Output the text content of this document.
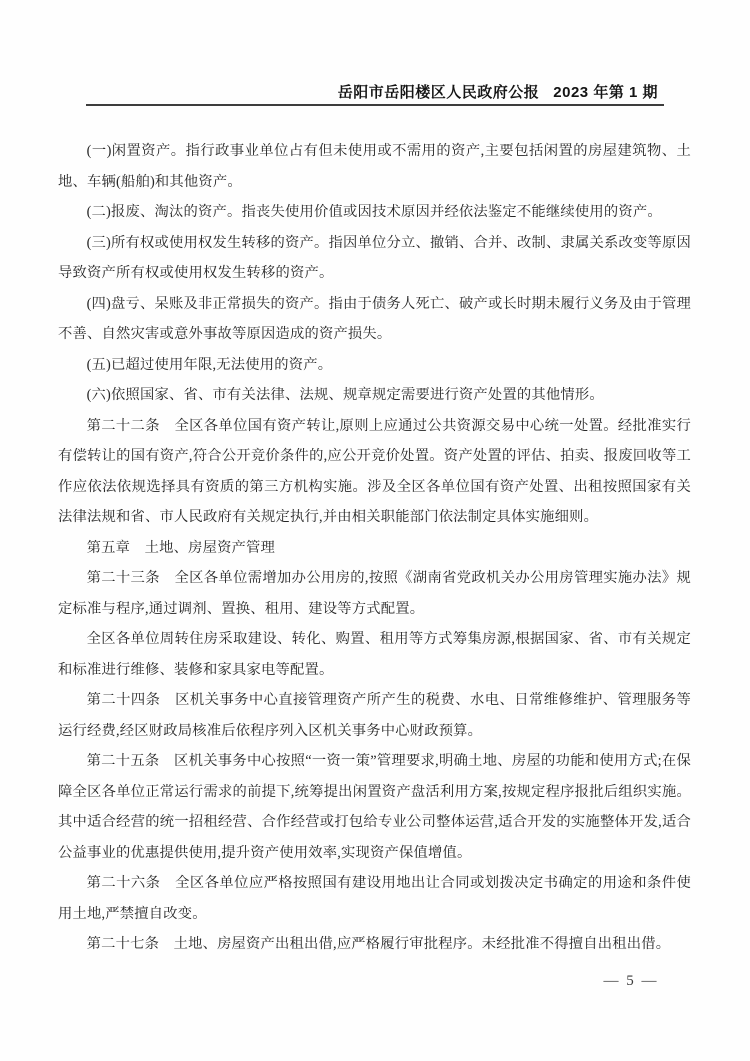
岳阳市岳阳楼区人民政府公报 2023 年第 1 期

(一)闲置资产。指行政事业单位占有但未使用或不需用的资产,主要包括闲置的房屋建筑物、土地、车辆(船舶)和其他资产。

(二)报废、淘汰的资产。指丧失使用价值或因技术原因并经依法鉴定不能继续使用的资产。

(三)所有权或使用权发生转移的资产。指因单位分立、撤销、合并、改制、隶属关系改变等原因导致资产所有权或使用权发生转移的资产。

(四)盘亏、呆账及非正常损失的资产。指由于债务人死亡、破产或长时期未履行义务及由于管理不善、自然灾害或意外事故等原因造成的资产损失。

(五)已超过使用年限,无法使用的资产。

(六)依照国家、省、市有关法律、法规、规章规定需要进行资产处置的其他情形。

第二十二条　全区各单位国有资产转让,原则上应通过公共资源交易中心统一处置。经批准实行有偿转让的国有资产,符合公开竞价条件的,应公开竞价处置。资产处置的评估、拍卖、报废回收等工作应依法依规选择具有资质的第三方机构实施。涉及全区各单位国有资产处置、出租按照国家有关法律法规和省、市人民政府有关规定执行,并由相关职能部门依法制定具体实施细则。

第五章　土地、房屋资产管理

第二十三条　全区各单位需增加办公用房的,按照《湖南省党政机关办公用房管理实施办法》规定标准与程序,通过调剂、置换、租用、建设等方式配置。

全区各单位周转住房采取建设、转化、购置、租用等方式筹集房源,根据国家、省、市有关规定和标准进行维修、装修和家具家电等配置。

第二十四条　区机关事务中心直接管理资产所产生的税费、水电、日常维修维护、管理服务等运行经费,经区财政局核准后依程序列入区机关事务中心财政预算。

第二十五条　区机关事务中心按照“一资一策”管理要求,明确土地、房屋的功能和使用方式;在保障全区各单位正常运行需求的前提下,统筹提出闲置资产盘活利用方案,按规定程序报批后组织实施。其中适合经营的统一招租经营、合作经营或打包给专业公司整体运营,适合开发的实施整体开发,适合公益事业的优惠提供使用,提升资产使用效率,实现资产保值增值。

第二十六条　全区各单位应严格按照国有建设用地出让合同或划拨决定书确定的用途和条件使用土地,严禁擅自改变。

第二十七条　土地、房屋资产出租出借,应严格履行审批程序。未经批准不得擅自出租出借。

— 5 —
